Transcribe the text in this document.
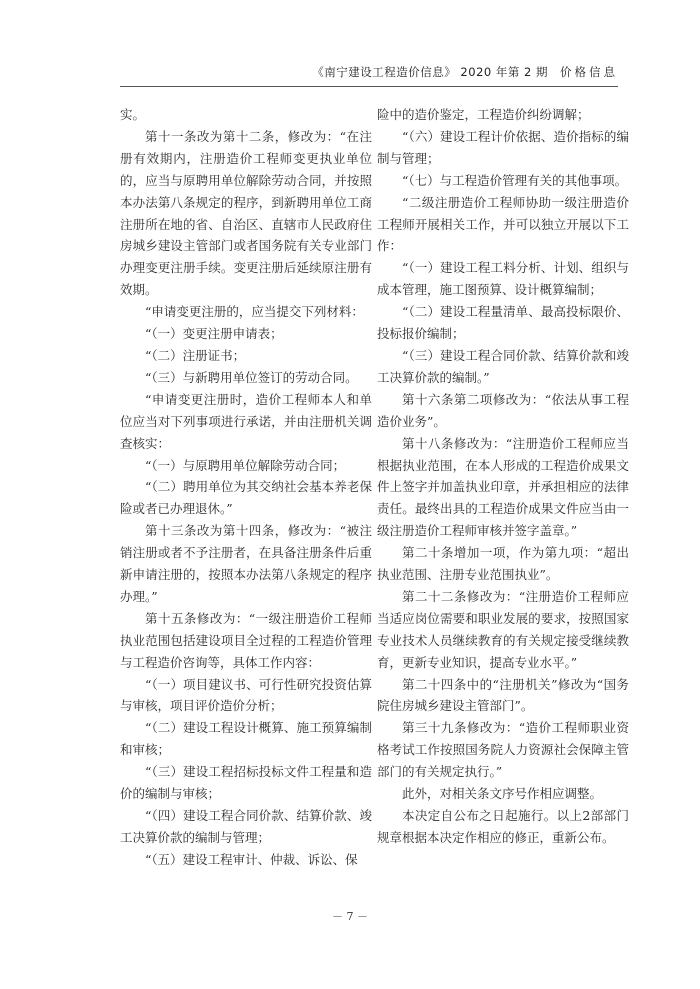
《南宁建设工程造价信息》 2020 年第 2 期 价格信息

实。

第十一条改为第十二条，修改为：“在注册有效期内，注册造价工程师变更执业单位的，应当与原聘用单位解除劳动合同，并按照本办法第八条规定的程序，到新聘用单位工商注册所在地的省、自治区、直辖市人民政府住房城乡建设主管部门或者国务院有关专业部门办理变更注册手续。变更注册后延续原注册有效期。

“申请变更注册的，应当提交下列材料：

“（一）变更注册申请表；

“（二）注册证书；

“（三）与新聘用单位签订的劳动合同。

“申请变更注册时，造价工程师本人和单位应当对下列事项进行承诺，并由注册机关调查核实：

“（一）与原聘用单位解除劳动合同；

“（二）聘用单位为其交纳社会基本养老保险或者已办理退休。”

第十三条改为第十四条，修改为：“被注销注册或者不予注册者，在具备注册条件后重新申请注册的，按照本办法第八条规定的程序办理。”

第十五条修改为：“一级注册造价工程师执业范围包括建设项目全过程的工程造价管理与工程造价咨询等，具体工作内容：

“（一）项目建议书、可行性研究投资估算与审核，项目评价造价分析；

“（二）建设工程设计概算、施工预算编制和审核；

“（三）建设工程招标投标文件工程量和造价的编制与审核；

“（四）建设工程合同价款、结算价款、竣工决算价款的编制与管理；

“（五）建设工程审计、仲裁、诉讼、保

险中的造价鉴定，工程造价纠纷调解；

“（六）建设工程计价依据、造价指标的编制与管理；

“（七）与工程造价管理有关的其他事项。

“二级注册造价工程师协助一级注册造价工程师开展相关工作，并可以独立开展以下工作：

“（一）建设工程工料分析、计划、组织与成本管理，施工图预算、设计概算编制；

“（二）建设工程量清单、最高投标限价、投标报价编制；

“（三）建设工程合同价款、结算价款和竣工决算价款的编制。”

第十六条第二项修改为：“依法从事工程造价业务”。

第十八条修改为：“注册造价工程师应当根据执业范围，在本人形成的工程造价成果文件上签字并加盖执业印章，并承担相应的法律责任。最终出具的工程造价成果文件应当由一级注册造价工程师审核并签字盖章。”

第二十条增加一项，作为第九项：“超出执业范围、注册专业范围执业”。

第二十二条修改为：“注册造价工程师应当适应岗位需要和职业发展的要求，按照国家专业技术人员继续教育的有关规定接受继续教育，更新专业知识，提高专业水平。”

第二十四条中的“注册机关”修改为“国务院住房城乡建设主管部门”。

第三十九条修改为：“造价工程师职业资格考试工作按照国务院人力资源社会保障主管部门的有关规定执行。”

此外，对相关条文序号作相应调整。

本决定自公布之日起施行。以上2部部门规章根据本决定作相应的修正，重新公布。

－ 7 －
